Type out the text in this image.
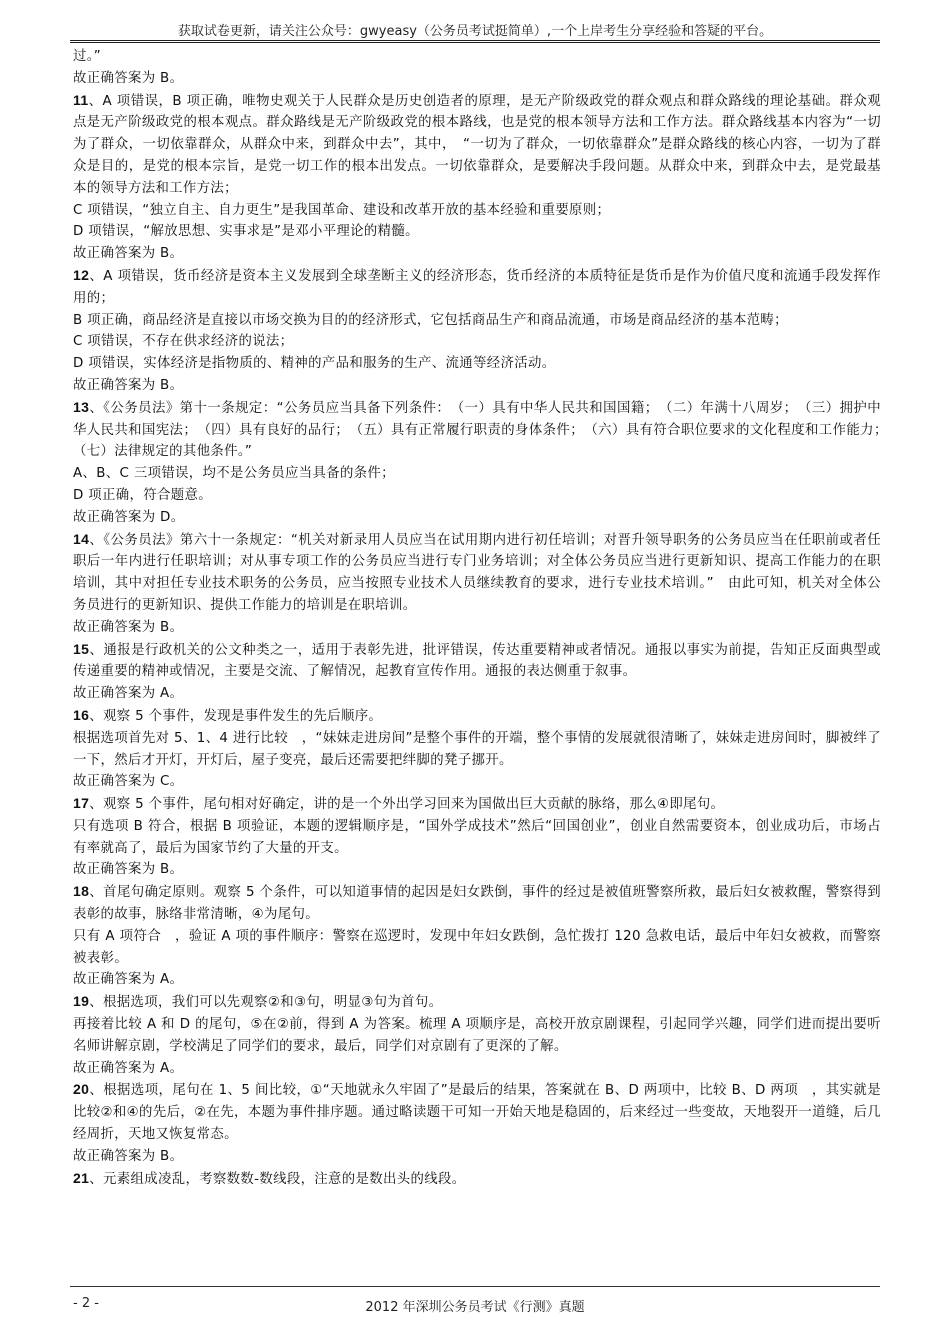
获取试卷更新，请关注公众号：gwyeasy（公务员考试挺简单）,一个上岸考生分享经验和答疑的平台。

过。”

故正确答案为 B。

11、A 项错误，B 项正确，唯物史观关于人民群众是历史创造者的原理，是无产阶级政党的群众观点和群众路线的理论基础。群众观点是无产阶级政党的根本观点。群众路线是无产阶级政党的根本路线，也是党的根本领导方法和工作方法。群众路线基本内容为“一切为了群众，一切依靠群众，从群众中来，到群众中去”，其中，　“一切为了群众，一切依靠群众”是群众路线的核心内容，一切为了群众是目的，是党的根本宗旨，是党一切工作的根本出发点。一切依靠群众，是要解决手段问题。从群众中来，到群众中去，是党最基本的领导方法和工作方法；

C 项错误，“独立自主、自力更生”是我国革命、建设和改革开放的基本经验和重要原则；

D 项错误，“解放思想、实事求是”是邓小平理论的精髓。

故正确答案为 B。

12、A 项错误，货币经济是资本主义发展到全球垄断主义的经济形态，货币经济的本质特征是货币是作为价值尺度和流通手段发挥作用的；

B 项正确，商品经济是直接以市场交换为目的的经济形式，它包括商品生产和商品流通，市场是商品经济的基本范畴；

C 项错误，不存在供求经济的说法；

D 项错误，实体经济是指物质的、精神的产品和服务的生产、流通等经济活动。

故正确答案为 B。

13、《公务员法》第十一条规定：“公务员应当具备下列条件：　（一）具有中华人民共和国国籍；　（二）年满十八周岁；　（三）拥护中华人民共和国宪法；　（四）具有良好的品行；　（五）具有正常履行职责的身体条件；　（六）具有符合职位要求的文化程度和工作能力；　（七）法律规定的其他条件。”

A、B、C 三项错误，均不是公务员应当具备的条件；

D 项正确，符合题意。

故正确答案为 D。

14、《公务员法》第六十一条规定：“机关对新录用人员应当在试用期内进行初任培训；对晋升领导职务的公务员应当在任职前或者任职后一年内进行任职培训；对从事专项工作的公务员应当进行专门业务培训；对全体公务员应当进行更新知识、提高工作能力的在职培训，其中对担任专业技术职务的公务员，应当按照专业技术人员继续教育的要求，进行专业技术培训。”　由此可知，机关对全体公务员进行的更新知识、提供工作能力的培训是在职培训。

故正确答案为 B。

15、通报是行政机关的公文种类之一，适用于表彰先进，批评错误，传达重要精神或者情况。通报以事实为前提，告知正反面典型或传递重要的精神或情况，主要是交流、了解情况，起教育宣传作用。通报的表达侧重于叙事。

故正确答案为 A。

16、观察 5 个事件，发现是事件发生的先后顺序。

根据选项首先对 5、1、4 进行比较　，“妹妹走进房间”是整个事件的开端，整个事情的发展就很清晰了，妹妹走进房间时，脚被绊了一下，然后才开灯，开灯后，屋子变亮，最后还需要把绊脚的凳子挪开。

故正确答案为 C。

17、观察 5 个事件，尾句相对好确定，讲的是一个外出学习回来为国做出巨大贡献的脉络，那么④即尾句。

只有选项 B 符合，根据 B 项验证，本题的逻辑顺序是，“国外学成技术”然后“回国创业”，创业自然需要资本，创业成功后，市场占有率就高了，最后为国家节约了大量的开支。

故正确答案为 B。

18、首尾句确定原则。观察 5 个条件，可以知道事情的起因是妇女跌倒，事件的经过是被值班警察所救，最后妇女被救醒，警察得到表彰的故事，脉络非常清晰，④为尾句。

只有 A 项符合　，验证 A 项的事件顺序：警察在巡逻时，发现中年妇女跌倒，急忙拨打 120 急救电话，最后中年妇女被救，而警察被表彰。

故正确答案为 A。

19、根据选项，我们可以先观察②和③句，明显③句为首句。

再接着比较 A 和 D 的尾句，⑤在②前，得到 A 为答案。梳理 A 项顺序是，高校开放京剧课程，引起同学兴趣，同学们进而提出要听名师讲解京剧，学校满足了同学们的要求，最后，同学们对京剧有了更深的了解。

故正确答案为 A。

20、根据选项，尾句在 1、5 间比较，①“天地就永久牢固了”是最后的结果，答案就在 B、D 两项中，比较 B、D 两项　，其实就是比较②和④的先后，②在先，本题为事件排序题。通过略读题干可知一开始天地是稳固的，后来经过一些变故，天地裂开一道缝，后几经周折，天地又恢复常态。

故正确答案为 B。

21、元素组成凌乱，考察数数-数线段，注意的是数出头的线段。

- 2 -	2012 年深圳公务员考试《行测》真题
